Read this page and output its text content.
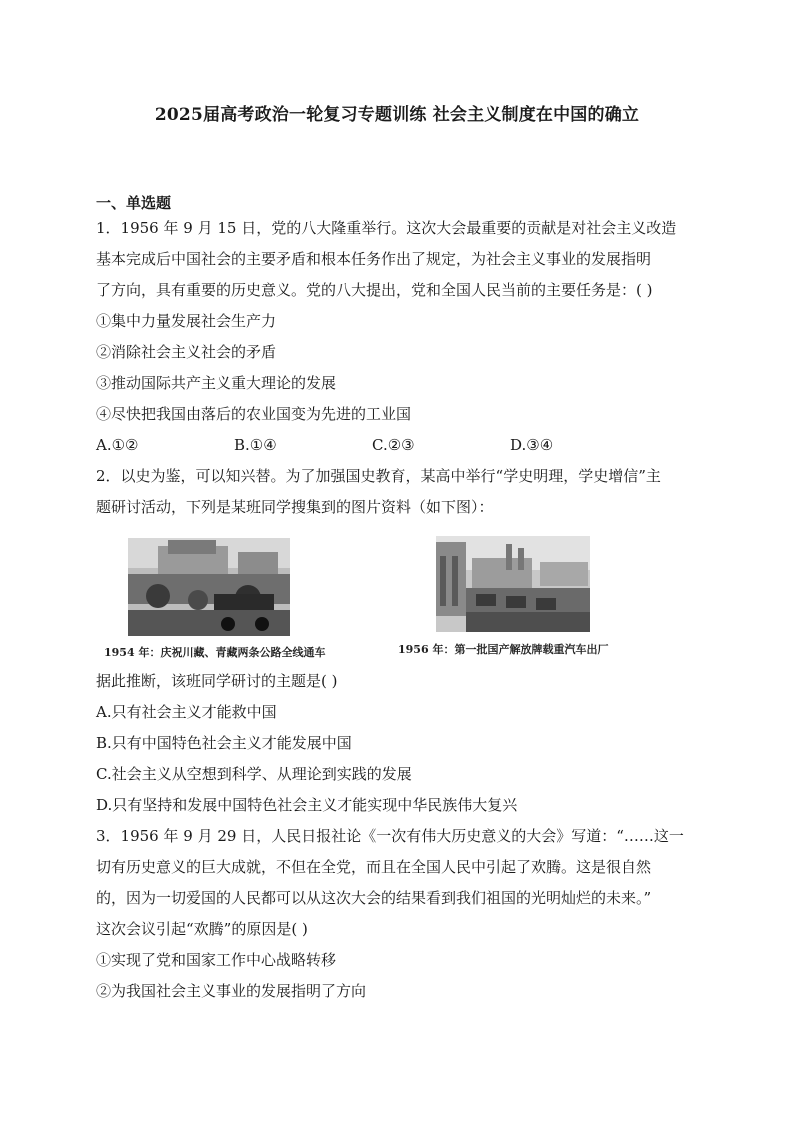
2025届高考政治一轮复习专题训练 社会主义制度在中国的确立
一、单选题
1．1956 年 9 月 15 日，党的八大隆重举行。这次大会最重要的贡献是对社会主义改造
基本完成后中国社会的主要矛盾和根本任务作出了规定，为社会主义事业的发展指明
了方向，具有重要的历史意义。党的八大提出，党和全国人民当前的主要任务是：( )
①集中力量发展社会生产力
②消除社会主义社会的矛盾
③推动国际共产主义重大理论的发展
④尽快把我国由落后的农业国变为先进的工业国
A.①②	B.①④	C.②③	D.③④
2．以史为鉴，可以知兴替。为了加强国史教育，某高中举行“学史明理，学史增信”主
题研讨活动，下列是某班同学搜集到的图片资料（如下图）：
1954 年：庆祝川藏、青藏两条公路全线通车	1956 年：第一批国产解放牌载重汽车出厂
据此推断，该班同学研讨的主题是( )
A.只有社会主义才能救中国
B.只有中国特色社会主义才能发展中国
C.社会主义从空想到科学、从理论到实践的发展
D.只有坚持和发展中国特色社会主义才能实现中华民族伟大复兴
3．1956 年 9 月 29 日，人民日报社论《一次有伟大历史意义的大会》写道：“……这一
切有历史意义的巨大成就，不但在全党，而且在全国人民中引起了欢腾。这是很自然
的，因为一切爱国的人民都可以从这次大会的结果看到我们祖国的光明灿烂的未来。”
这次会议引起“欢腾”的原因是( )
①实现了党和国家工作中心战略转移
②为我国社会主义事业的发展指明了方向
